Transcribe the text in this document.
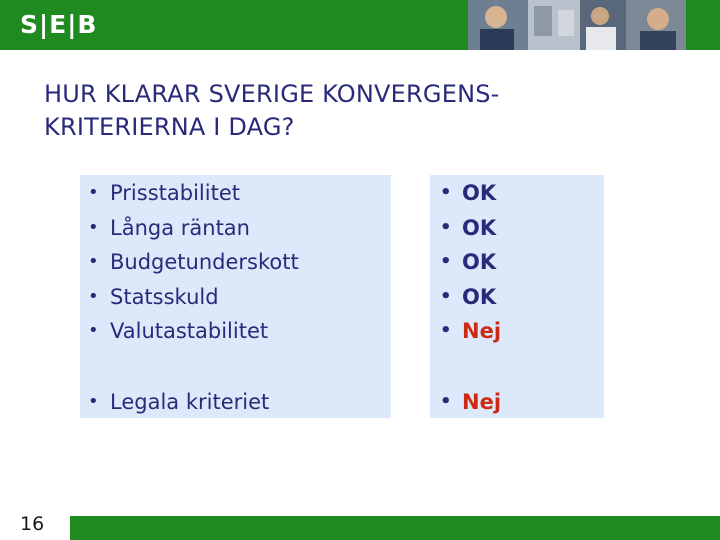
S|E|B
HUR KLARAR SVERIGE KONVERGENS-
KRITERIERNA I DAG?
• Prisstabilitet
• Långa räntan
• Budgetunderskott
• Statsskuld
• Valutastabilitet
• OK
• OK
• OK
• OK
• Nej
• Legala kriteriet
•	Nej
16
